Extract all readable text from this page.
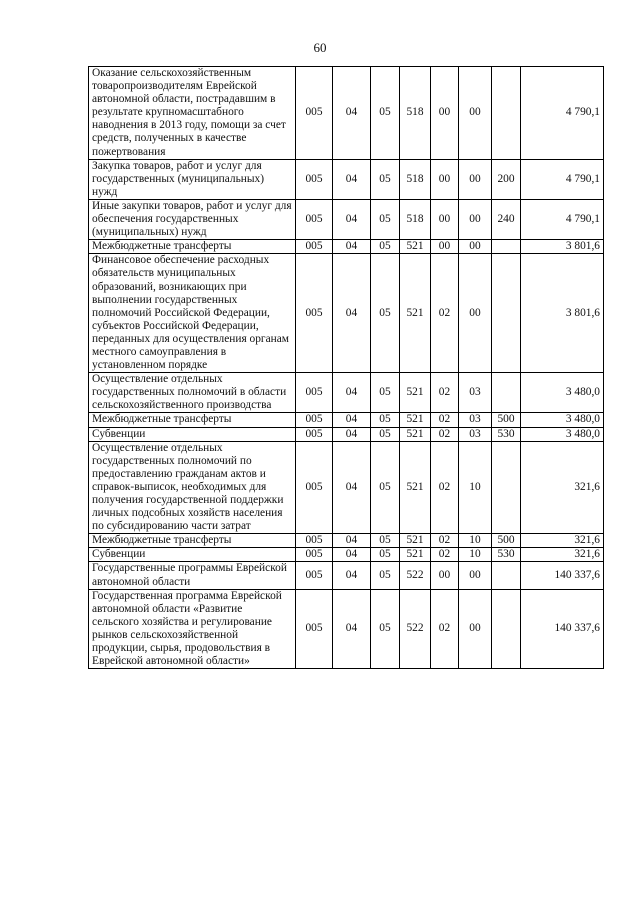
60
Оказание сельскохозяйственным товаропроизводителям Еврейской автономной области, пострадавшим в результате крупномасштабного наводнения в 2013 году, помощи за счет средств, полученных в качестве пожертвования	005	04	05	518	00	00		4 790,1
Закупка товаров, работ и услуг для государственных (муниципальных) нужд	005	04	05	518	00	00	200	4 790,1
Иные закупки товаров, работ и услуг для обеспечения государственных (муниципальных) нужд	005	04	05	518	00	00	240	4 790,1
Межбюджетные трансферты	005	04	05	521	00	00		3 801,6
Финансовое обеспечение расходных обязательств муниципальных образований, возникающих при выполнении государственных полномочий Российской Федерации, субъектов Российской Федерации, переданных для осуществления органам местного самоуправления в установленном порядке	005	04	05	521	02	00		3 801,6
Осуществление отдельных государственных полномочий в области сельскохозяйственного производства	005	04	05	521	02	03		3 480,0
Межбюджетные трансферты	005	04	05	521	02	03	500	3 480,0
Субвенции	005	04	05	521	02	03	530	3 480,0
Осуществление отдельных государственных полномочий по предоставлению гражданам актов и справок-выписок, необходимых для получения государственной поддержки личных подсобных хозяйств населения по субсидированию части затрат	005	04	05	521	02	10		321,6
Межбюджетные трансферты	005	04	05	521	02	10	500	321,6
Субвенции	005	04	05	521	02	10	530	321,6
Государственные программы Еврейской автономной области	005	04	05	522	00	00		140 337,6
Государственная программа Еврейской автономной области «Развитие сельского хозяйства и регулирование рынков сельскохозяйственной продукции, сырья, продовольствия в Еврейской автономной области»	005	04	05	522	02	00		140 337,6
